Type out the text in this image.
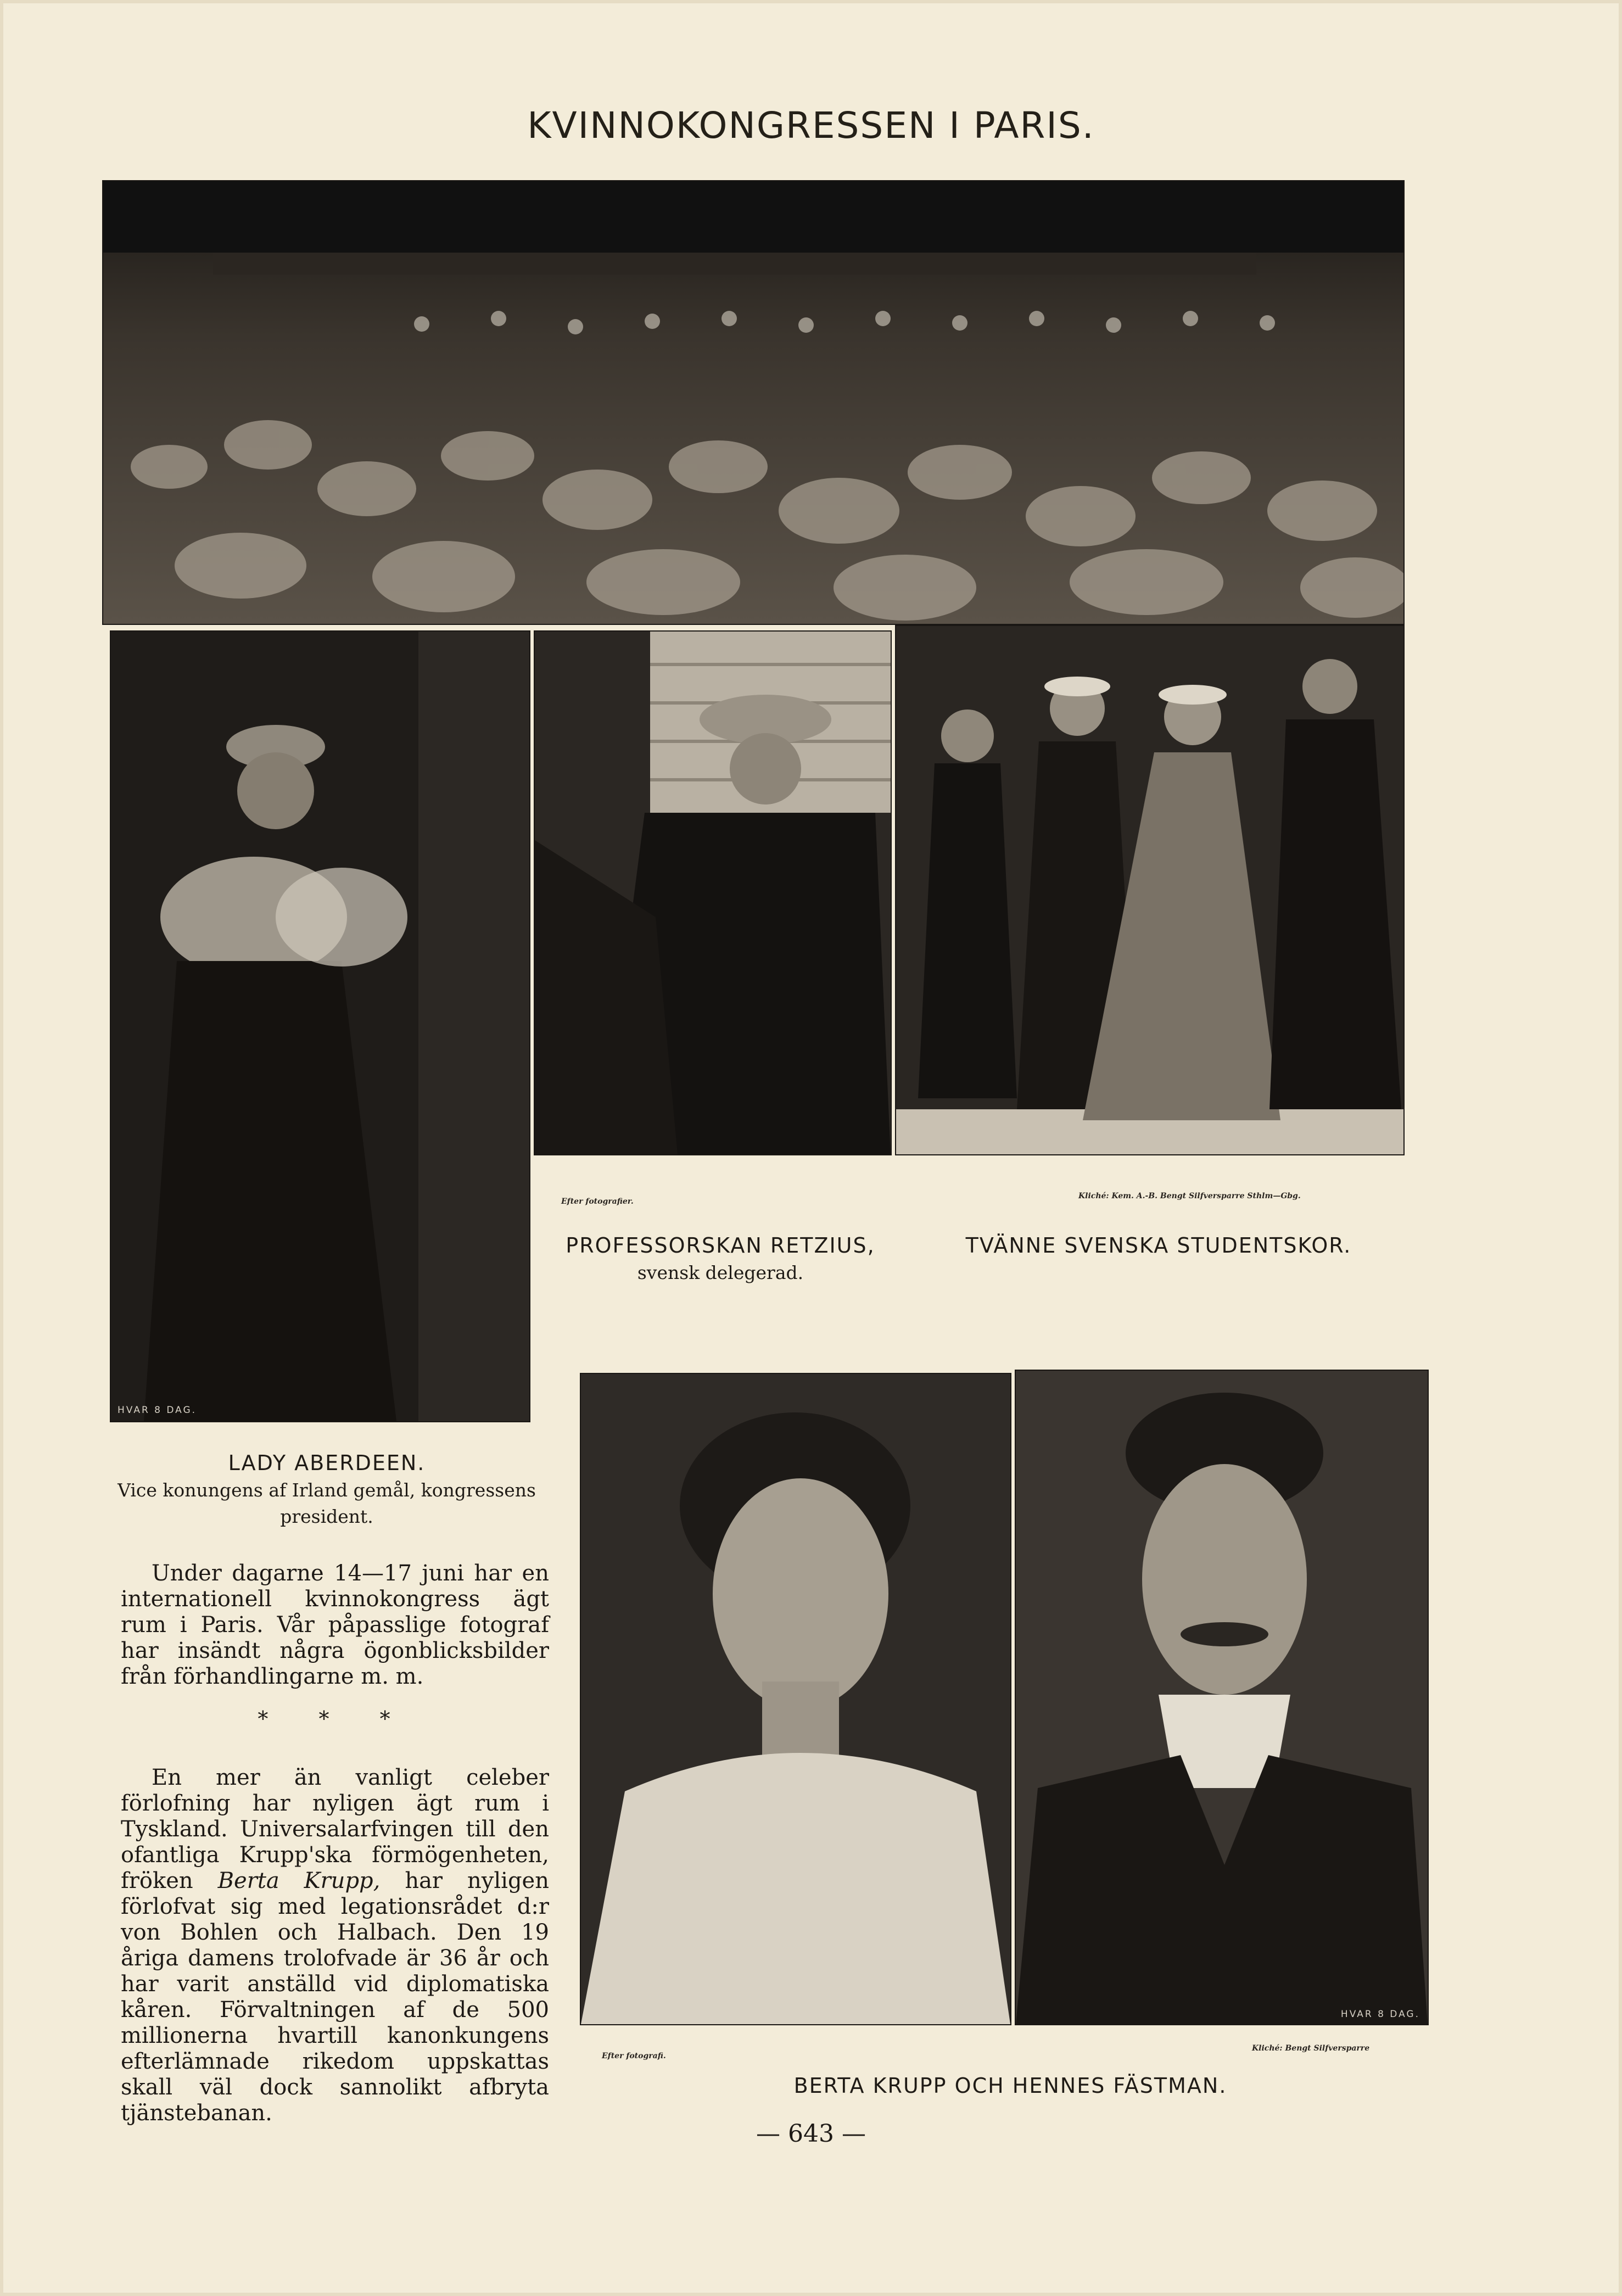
KVINNOKONGRESSEN I PARIS.
HVAR 8 DAG.
Efter fotografier.
Kliché: Kem. A.-B. Bengt Silfversparre Sthlm—Gbg.
PROFESSORSKAN RETZIUS,
svensk delegerad.
TVÄNNE SVENSKA STUDENTSKOR.
LADY ABERDEEN.
Vice konungens af Irland gemål, kongressens
president.

Under dagarne 14—17 juni har en internationell kvinnokongress ägt rum i Paris. Vår påpasslige fotograf har insändt några ögonblicksbilder från förhandlingarne m. m.

* * *

En mer än vanligt celeber förlofning har nyligen ägt rum i Tyskland. Universalarfvingen till den ofantliga Krupp'ska förmögenheten, fröken Berta Krupp, har nyligen förlofvat sig med legationsrådet d:r von Bohlen och Halbach. Den 19 åriga damens trolofvade är 36 år och har varit anställd vid diplomatiska kåren. Förvaltningen af de 500 millionerna hvartill kanonkungens efterlämnade rikedom uppskattas skall väl dock sannolikt afbryta tjänstebanan.

HVAR 8 DAG.
Efter fotografi.
Kliché: Bengt Silfversparre
BERTA KRUPP OCH HENNES FÄSTMAN.
— 643 —
